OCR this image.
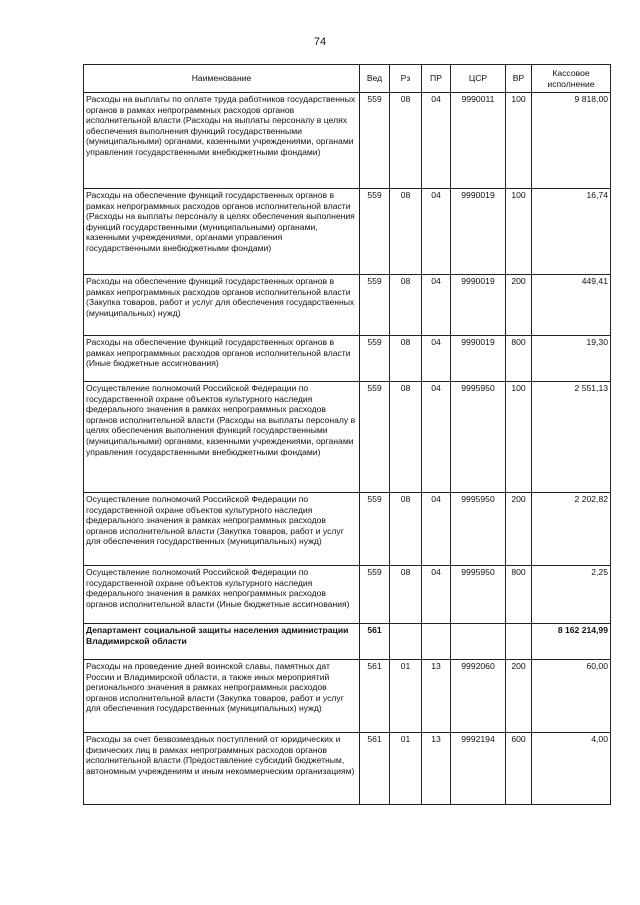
74
Наименование	Вед	Рз	ПР	ЦСР	ВР	Кассовое исполнение
Расходы на выплаты по оплате труда работников государственных органов в рамках непрограммных расходов органов исполнительной власти (Расходы на выплаты персоналу в целях обеспечения выполнения функций государственными (муниципальными) органами, казенными учреждениями, органами управления государственными внебюджетными фондами)	559	08	04	9990011	100	9 818,00
Расходы на обеспечение функций государственных органов в рамках непрограммных расходов органов исполнительной власти (Расходы на выплаты персоналу в целях обеспечения выполнения функций государственными (муниципальными) органами, казенными учреждениями, органами управления государственными внебюджетными фондами)	559	08	04	9990019	100	16,74
Расходы на обеспечение функций государственных органов в рамках непрограммных расходов органов исполнительной власти (Закупка товаров, работ и услуг для обеспечения государственных (муниципальных) нужд)	559	08	04	9990019	200	449,41
Расходы на обеспечение функций государственных органов в рамках непрограммных расходов органов исполнительной власти (Иные бюджетные ассигнования)	559	08	04	9990019	800	19,30
Осуществление полномочий Российской Федерации по государственной охране объектов культурного наследия федерального значения в рамках непрограммных расходов органов исполнительной власти (Расходы на выплаты персоналу в целях обеспечения выполнения функций государственными (муниципальными) органами, казенными учреждениями, органами управления государственными внебюджетными фондами)	559	08	04	9995950	100	2 551,13
Осуществление полномочий Российской Федерации по государственной охране объектов культурного наследия федерального значения в рамках непрограммных расходов органов исполнительной власти (Закупка товаров, работ и услуг для обеспечения государственных (муниципальных) нужд)	559	08	04	9995950	200	2 202,82
Осуществление полномочий Российской Федерации по государственной охране объектов культурного наследия федерального значения в рамках непрограммных расходов органов исполнительной власти (Иные бюджетные ассигнования)	559	08	04	9995950	800	2,25
Департамент социальной защиты населения администрации Владимирской области	561					8 162 214,99
Расходы на проведение дней воинской славы, памятных дат России и Владимирской области, а также иных мероприятий регионального значения в рамках непрограммных расходов органов исполнительной власти (Закупка товаров, работ и услуг для обеспечения государственных (муниципальных) нужд)	561	01	13	9992060	200	60,00
Расходы за счет безвозмездных поступлений от юридических и физических лиц в рамках непрограммных расходов органов исполнительной власти (Предоставление субсидий бюджетным, автономным учреждениям и иным некоммерческим организациям)	561	01	13	9992194	600	4,00
